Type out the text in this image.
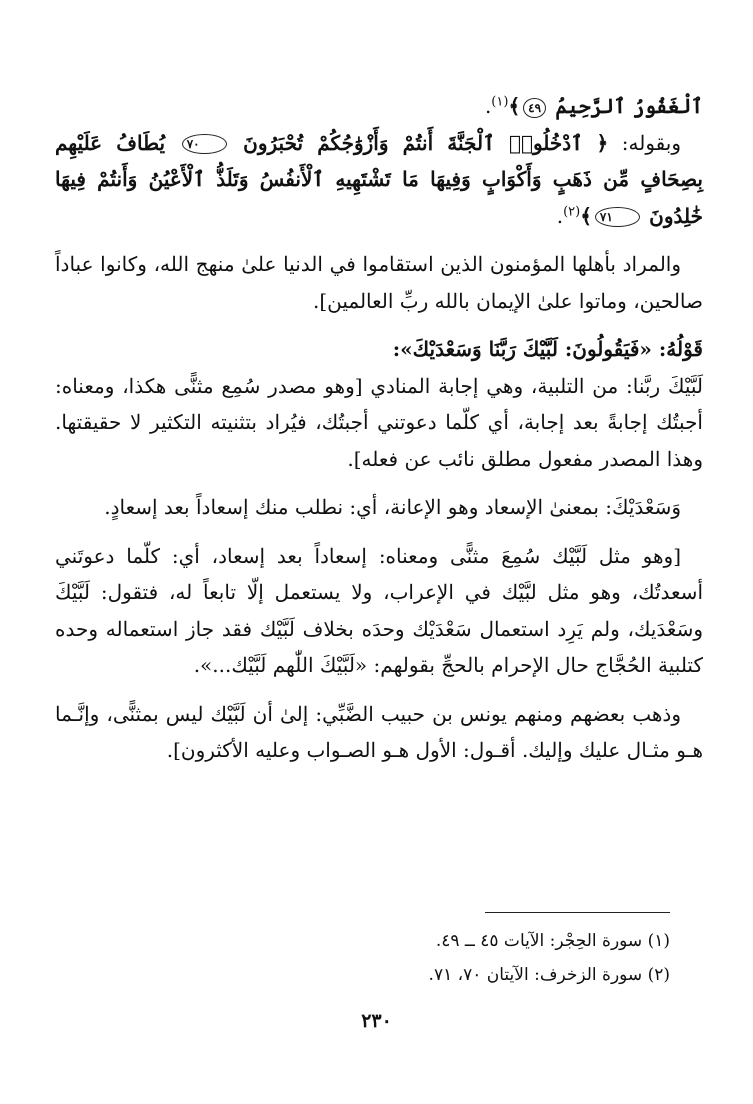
ٱلْغَفُورُ ٱلرَّحِيمُ ٤٩﴾$^{(١)}$.

وبقوله: ﴿ ٱدْخُلُوا۟ ٱلْجَنَّةَ أَنتُمْ وَأَزْوَٰجُكُمْ تُحْبَرُونَ ٧٠ يُطَافُ عَلَيْهِم بِصِحَافٍ مِّن ذَهَبٍ وَأَكْوَابٍ وَفِيهَا مَا تَشْتَهِيهِ ٱلْأَنفُسُ وَتَلَذُّ ٱلْأَعْيُنُ وَأَنتُمْ فِيهَا خَٰلِدُونَ ٧١﴾$^{(٢)}$.

والمراد بأهلها المؤمنون الذين استقاموا في الدنيا علىٰ منهج الله، وكانوا عباداً صالحين، وماتوا علىٰ الإيمان بالله ربِّ العالمين].

قَوْلُهُ: «فَيَقُولُونَ: لَبَّيْكَ رَبَّنَا وَسَعْدَيْكَ»:

لَبَّيْكَ ربَّنا: من التلبية، وهي إجابة المنادي [وهو مصدر سُمِع مثنًّى هكذا، ومعناه: أجبتُك إجابةً بعد إجابة، أي كلّما دعوتني أجبتُك، فيُراد بتثنيته التكثير لا حقيقتها. وهذا المصدر مفعول مطلق نائب عن فعله].

وَسَعْدَيْكَ: بمعنىٰ الإسعاد وهو الإعانة، أي: نطلب منك إسعاداً بعد إسعادٍ.

[وهو مثل لَبَّيْك سُمِعَ مثنًّى ومعناه: إسعاداً بعد إسعاد، أي: كلّما دعوتَني أسعدتُك، وهو مثل لبَّيْك في الإعراب، ولا يستعمل إلّا تابعاً له، فتقول: لَبَّيْكَ وسَعْدَيك، ولم يَرِد استعمال سَعْدَيْك وحدَه بخلاف لَبَّيْك فقد جاز استعماله وحده كتلبية الحُجَّاج حال الإحرام بالحجِّ بقولهم: «لَبَّيْكَ اللّٰهم لَبَّيْك...».

وذهب بعضهم ومنهم يونس بن حبيب الضَّبِّي: إلىٰ أن لَبَّيْك ليس بمثنًّى، وإنَّـما هـو مثـال عليك وإليك. أقـول: الأول هـو الصـواب وعليه الأكثرون].

(١) سورة الحِجْر: الآيات ٤٥ ــ ٤٩.

(٢) سورة الزخرف: الآيتان ٧٠، ٧١.

٢٣٠
